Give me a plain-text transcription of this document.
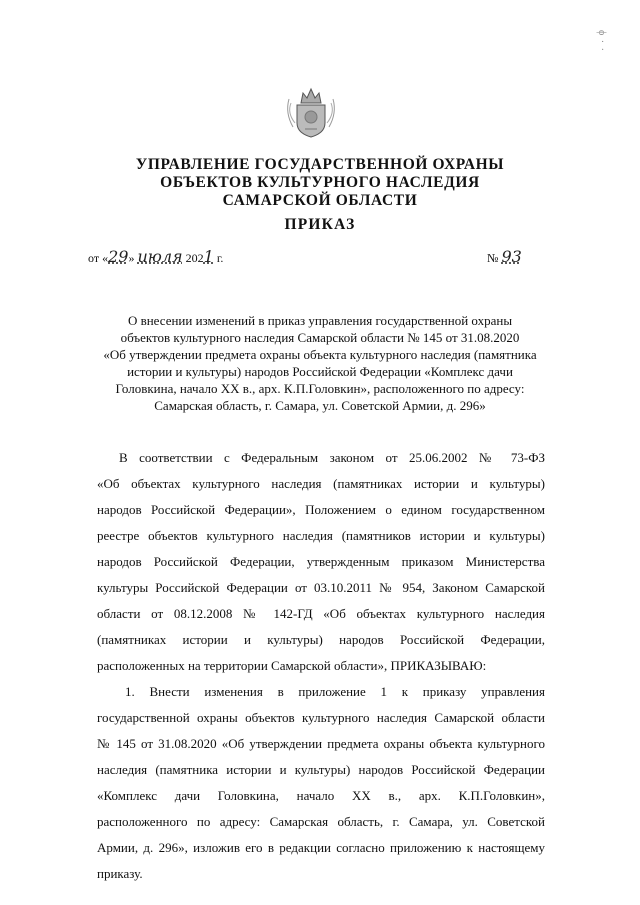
ϕ · ·
УПРАВЛЕНИЕ ГОСУДАРСТВЕННОЙ ОХРАНЫ
ОБЪЕКТОВ КУЛЬТУРНОГО НАСЛЕДИЯ
САМАРСКОЙ ОБЛАСТИ
ПРИКАЗ
от «29» июля 2021 г.	№ 93
О внесении изменений в приказ управления государственной охраны
объектов культурного наследия Самарской области № 145 от 31.08.2020
«Об утверждении предмета охраны объекта культурного наследия (памятника
истории и культуры) народов Российской Федерации «Комплекс дачи
Головкина, начало XX в., арх. К.П.Головкин», расположенного по адресу:
Самарская область, г. Самара, ул. Советской Армии, д. 296»

В соответствии с Федеральным законом от 25.06.2002 № 73-ФЗ
«Об объектах культурного наследия (памятниках истории и культуры)
народов Российской Федерации», Положением о едином государственном
реестре объектов культурного наследия (памятников истории и культуры)
народов Российской Федерации, утвержденным приказом Министерства
культуры Российской Федерации от 03.10.2011 № 954, Законом Самарской
области от 08.12.2008 № 142-ГД «Об объектах культурного наследия
(памятниках истории и культуры) народов Российской Федерации,
расположенных на территории Самарской области», ПРИКАЗЫВАЮ:

1. Внести изменения в приложение 1 к приказу управления
государственной охраны объектов культурного наследия Самарской области
№ 145 от 31.08.2020 «Об утверждении предмета охраны объекта культурного
наследия (памятника истории и культуры) народов Российской Федерации
«Комплекс дачи Головкина, начало XX в., арх. К.П.Головкин»,
расположенного по адресу: Самарская область, г. Самара, ул. Советской
Армии, д. 296», изложив его в редакции согласно приложению к настоящему
приказу.
